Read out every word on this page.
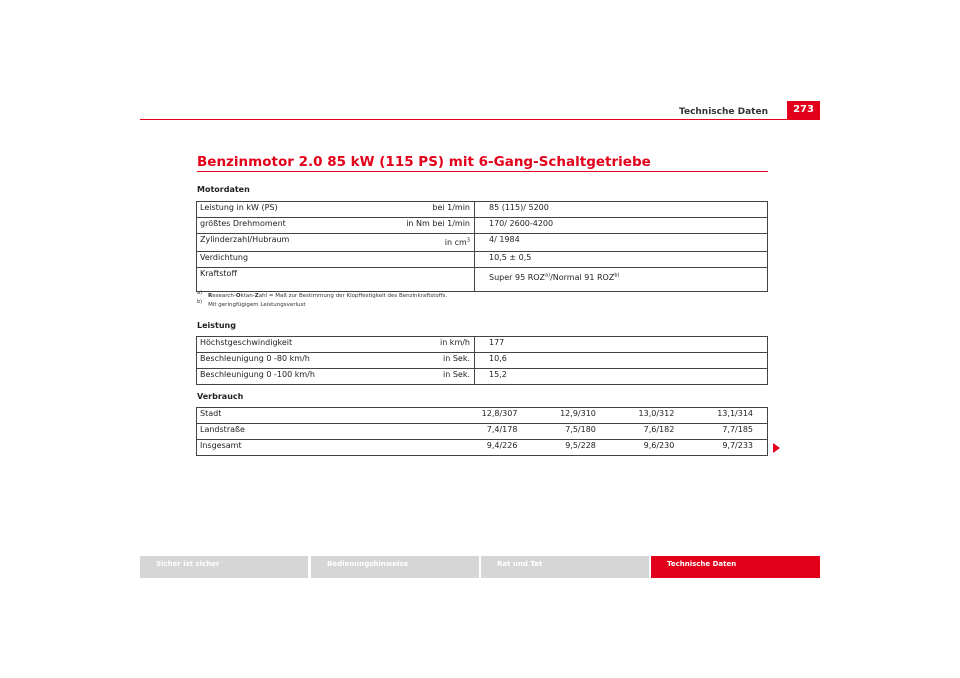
Technische Daten	273
Benzinmotor 2.0 85 kW (115 PS) mit 6-Gang-Schaltgetriebe
Motordaten
Leistung in kW (PS) bei 1/min	85 (115)/ 5200

größtes Drehmoment in Nm bei 1/min	170/ 2600-4200

Zylinderzahl/Hubraum in $cm^3$	4/ 1984

Verdichtung	10,5 ± 0,5

Kraftstoff	Super 95 ROZ$^{a)}$/Normal 91 ROZ$^{b)}$
a) Research-Oktan-Zahl = Maß zur Bestimmung der Klopffestigkeit des Benzinkraftstoffs.
b) Mit geringfügigem Leistungsverlust
Leistung
Höchstgeschwindigkeit in km/h	177

Beschleunigung 0 -80 km/h in Sek.	10,6

Beschleunigung 0 -100 km/h in Sek.	15,2
Verbrauch
Stadt	12,8/307	12,9/310	13,0/312	13,1/314
Landstraße	7,4/178	7,5/180	7,6/182	7,7/185
Insgesamt	9,4/226	9,5/228	9,6/230	9,7/233
Sicher ist sicher	Bedienungshinweise	Rat und Tat	Technische Daten
